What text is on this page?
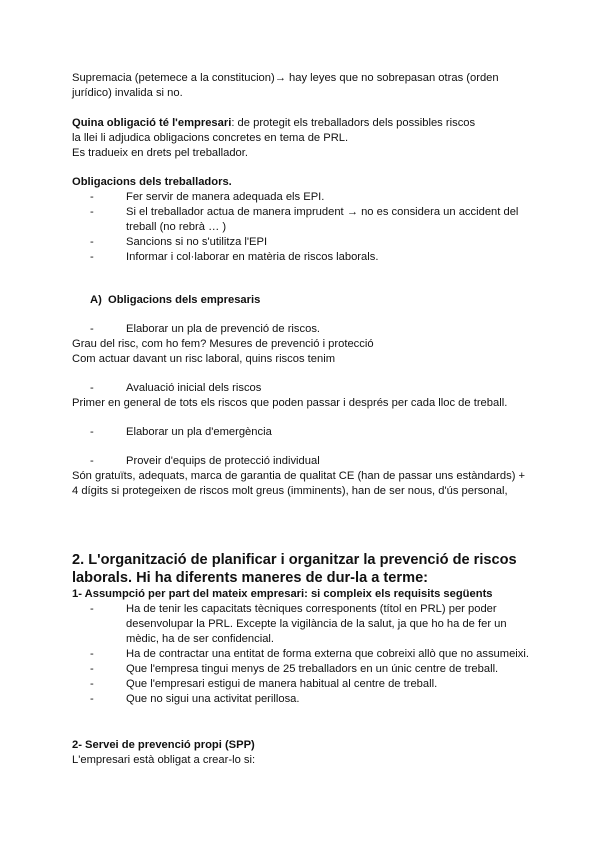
Supremacia (petemece a la constitucion)→ hay leyes que no sobrepasan otras (orden

jurídico) invalida si no.

Quina obligació té l'empresari: de protegit els treballadors dels possibles riscos

la llei li adjudica obligacions concretes en tema de PRL.

Es tradueix en drets pel treballador.

Obligacions dels treballadors.

- Fer servir de manera adequada els EPI.
- Si el treballador actua de manera imprudent → no es considera un accident del treball (no rebrà … )
- Sancions si no s'utilitza l'EPI
- Informar i col·laborar en matèria de riscos laborals.

A) Obligacions dels empresaris

- Elaborar un pla de prevenció de riscos.

Grau del risc, com ho fem? Mesures de prevenció i protecció

Com actuar davant un risc laboral, quins riscos tenim

- Avaluació inicial dels riscos

Primer en general de tots els riscos que poden passar i després per cada lloc de treball.

- Elaborar un pla d'emergència
- Proveir d'equips de protecció individual

Són gratuïts, adequats, marca de garantia de qualitat CE (han de passar uns estàndards) +

4 dígits si protegeixen de riscos molt greus (imminents), han de ser nous, d'ús personal,

2. L'organització de planificar i organitzar la prevenció de riscos laborals. Hi ha diferents maneres de dur-la a terme:

1- Assumpció per part del mateix empresari: si compleix els requisits següents

- Ha de tenir les capacitats tècniques corresponents (títol en PRL) per poder desenvolupar la PRL. Excepte la vigilància de la salut, ja que ho ha de fer un mèdic, ha de ser confidencial.
- Ha de contractar una entitat de forma externa que cobreixi allò que no assumeixi.
- Que l'empresa tingui menys de 25 treballadors en un únic centre de treball.
- Que l'empresari estigui de manera habitual al centre de treball.
- Que no sigui una activitat perillosa.

2- Servei de prevenció propi (SPP)

L'empresari està obligat a crear-lo si:
